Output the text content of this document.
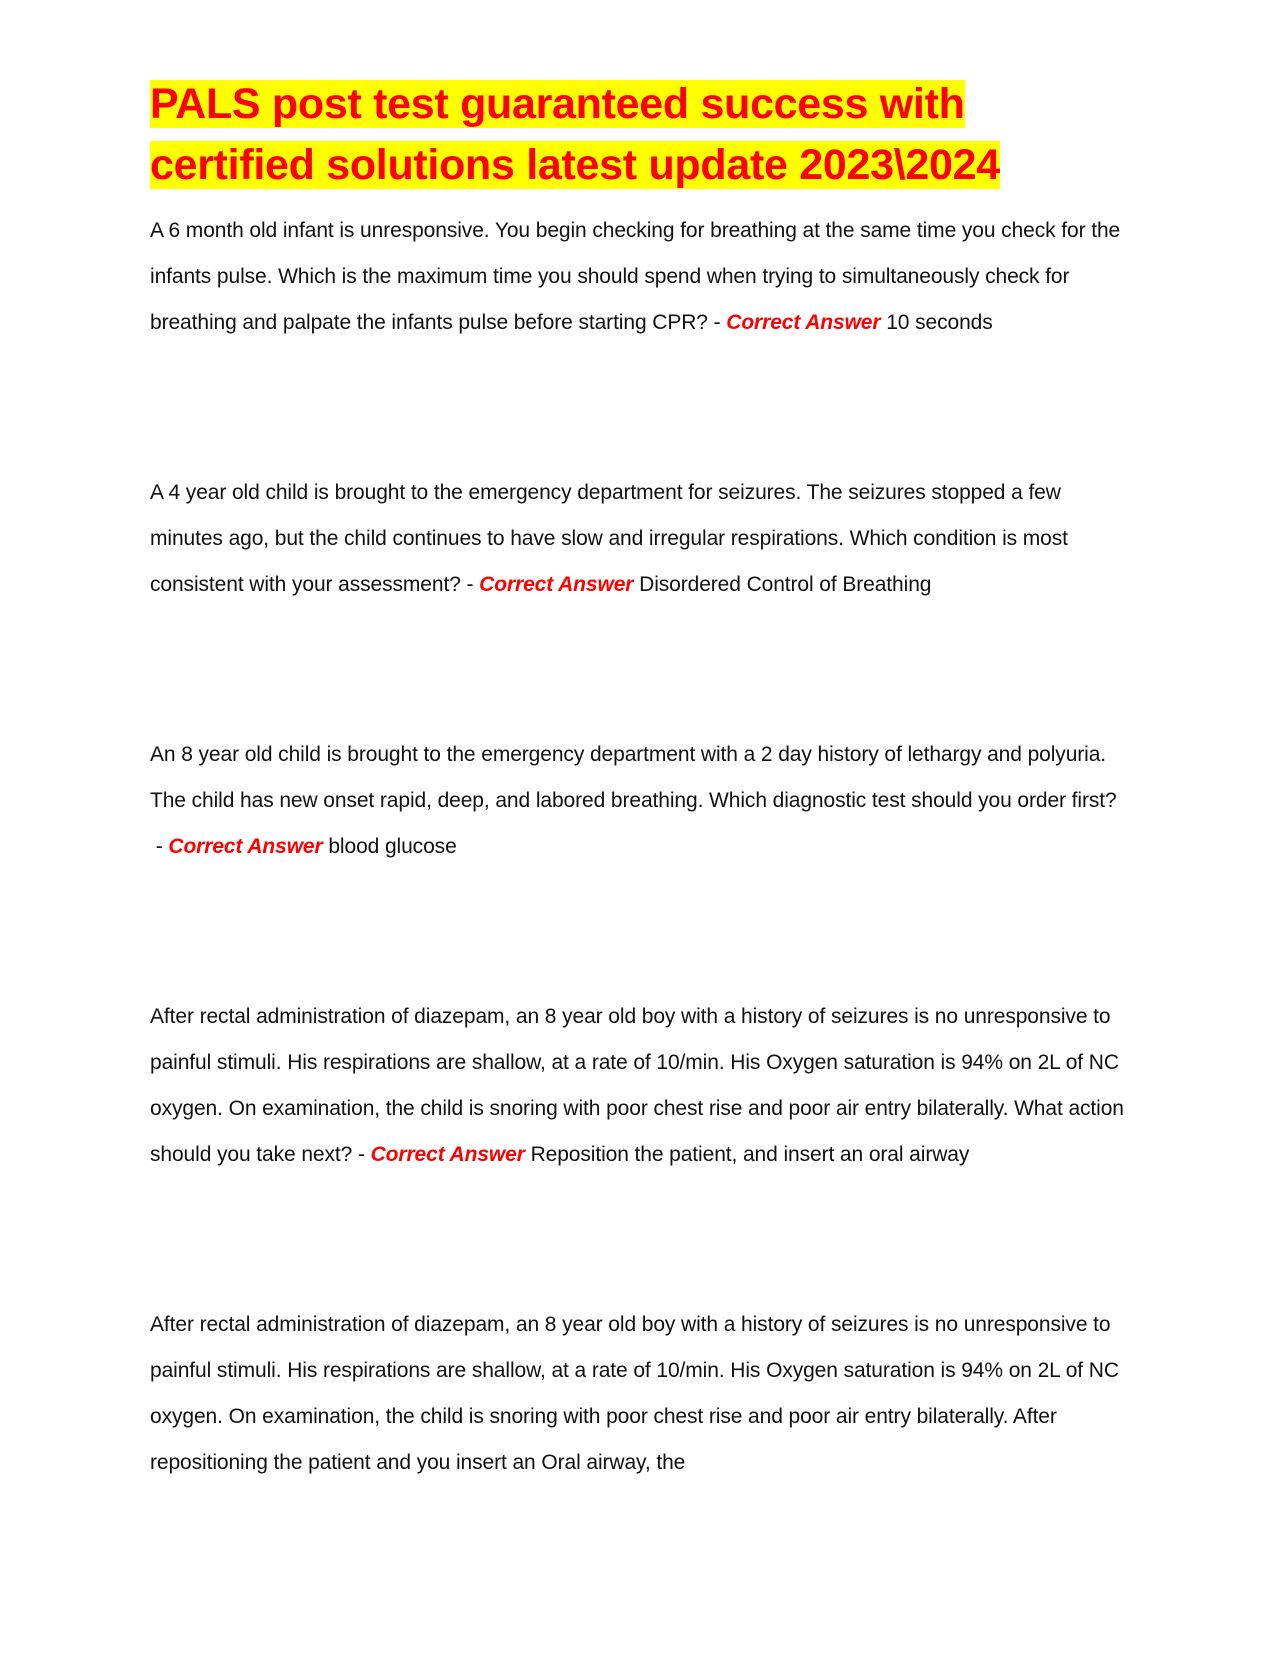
PALS post test guaranteed success with certified solutions latest update 2023\2024

A 6 month old infant is unresponsive. You begin checking for breathing at the same time you check for the infants pulse. Which is the maximum time you should spend when trying to simultaneously check for breathing and palpate the infants pulse before starting CPR? - Correct Answer 10 seconds

A 4 year old child is brought to the emergency department for seizures. The seizures stopped a few minutes ago, but the child continues to have slow and irregular respirations. Which condition is most consistent with your assessment? - Correct Answer Disordered Control of Breathing

An 8 year old child is brought to the emergency department with a 2 day history of lethargy and polyuria. The child has new onset rapid, deep, and labored breathing. Which diagnostic test should you order first? - Correct Answer blood glucose

After rectal administration of diazepam, an 8 year old boy with a history of seizures is no unresponsive to painful stimuli. His respirations are shallow, at a rate of 10/min. His Oxygen saturation is 94% on 2L of NC oxygen. On examination, the child is snoring with poor chest rise and poor air entry bilaterally. What action should you take next? - Correct Answer Reposition the patient, and insert an oral airway

After rectal administration of diazepam, an 8 year old boy with a history of seizures is no unresponsive to painful stimuli. His respirations are shallow, at a rate of 10/min. His Oxygen saturation is 94% on 2L of NC oxygen. On examination, the child is snoring with poor chest rise and poor air entry bilaterally. After repositioning the patient and you insert an Oral airway, the
